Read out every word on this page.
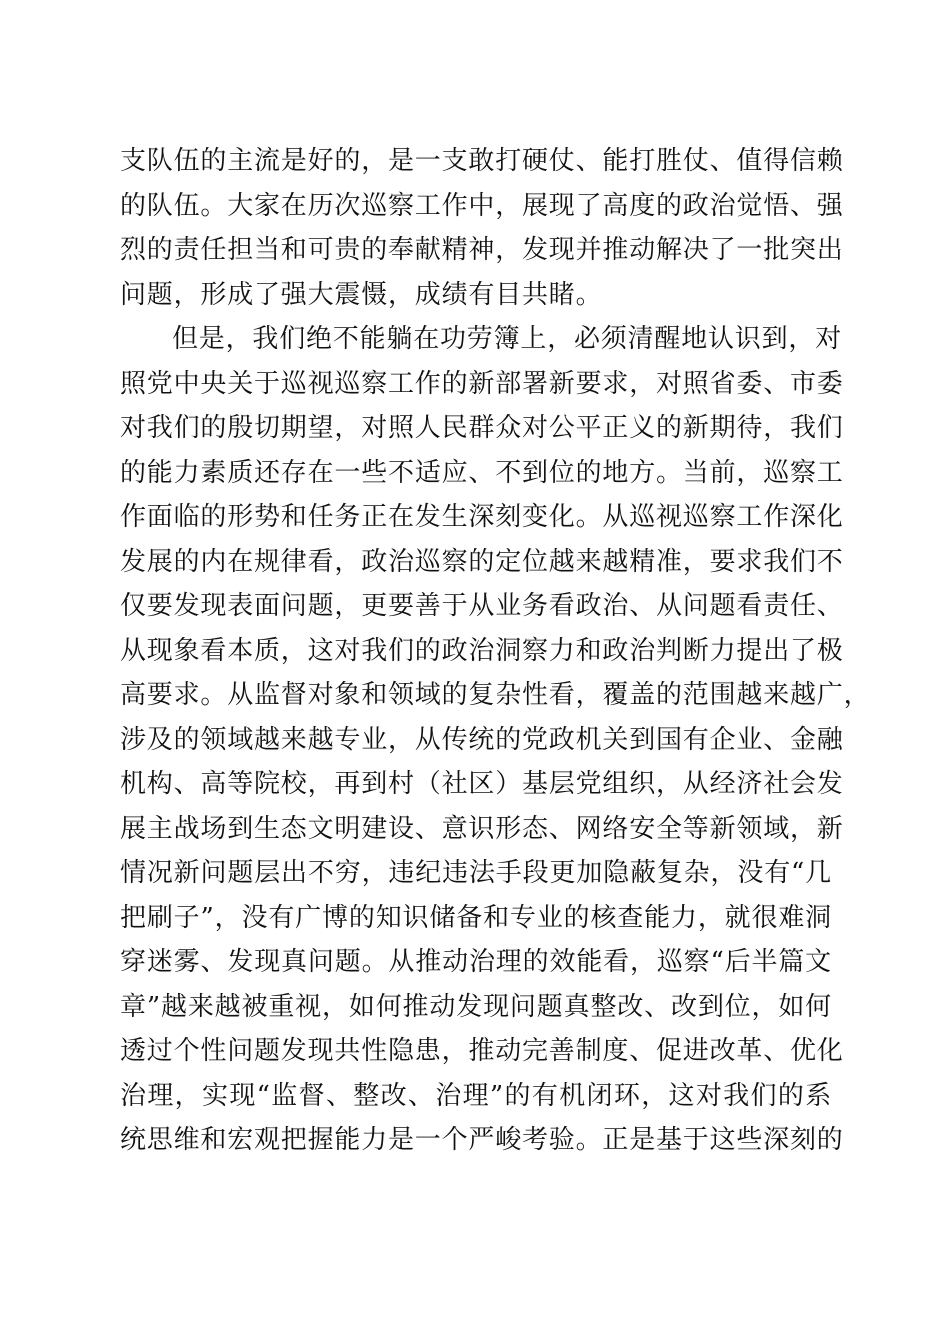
支队伍的主流是好的，是一支敢打硬仗、能打胜仗、值得信赖
的队伍。大家在历次巡察工作中，展现了高度的政治觉悟、强
烈的责任担当和可贵的奉献精神，发现并推动解决了一批突出
问题，形成了强大震慑，成绩有目共睹。
但是，我们绝不能躺在功劳簿上，必须清醒地认识到，对
照党中央关于巡视巡察工作的新部署新要求，对照省委、市委
对我们的殷切期望，对照人民群众对公平正义的新期待，我们
的能力素质还存在一些不适应、不到位的地方。当前，巡察工
作面临的形势和任务正在发生深刻变化。从巡视巡察工作深化
发展的内在规律看，政治巡察的定位越来越精准，要求我们不
仅要发现表面问题，更要善于从业务看政治、从问题看责任、
从现象看本质，这对我们的政治洞察力和政治判断力提出了极
高要求。从监督对象和领域的复杂性看，覆盖的范围越来越广，
涉及的领域越来越专业，从传统的党政机关到国有企业、金融
机构、高等院校，再到村（社区）基层党组织，从经济社会发
展主战场到生态文明建设、意识形态、网络安全等新领域，新
情况新问题层出不穷，违纪违法手段更加隐蔽复杂，没有“几
把刷子”，没有广博的知识储备和专业的核查能力，就很难洞
穿迷雾、发现真问题。从推动治理的效能看，巡察“后半篇文
章”越来越被重视，如何推动发现问题真整改、改到位，如何
透过个性问题发现共性隐患，推动完善制度、促进改革、优化
治理，实现“监督、整改、治理”的有机闭环，这对我们的系
统思维和宏观把握能力是一个严峻考验。正是基于这些深刻的
